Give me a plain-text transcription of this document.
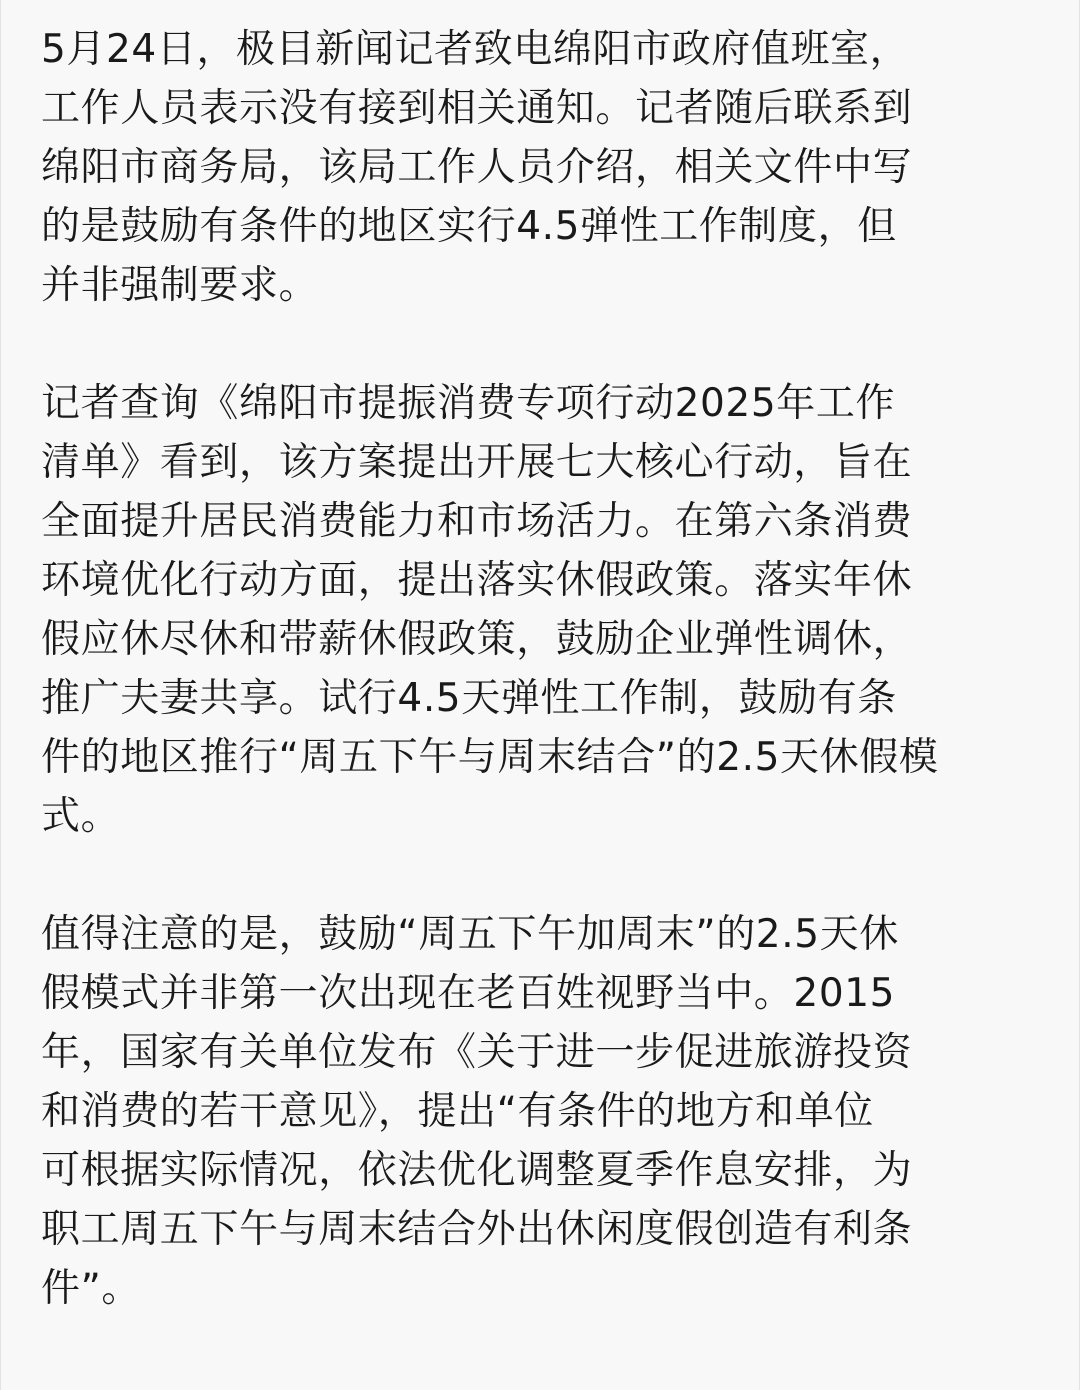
5月24日，极目新闻记者致电绵阳市政府值班室，
工作人员表示没有接到相关通知。记者随后联系到
绵阳市商务局，该局工作人员介绍，相关文件中写
的是鼓励有条件的地区实行4.5弹性工作制度，但
并非强制要求。

记者查询《绵阳市提振消费专项行动2025年工作
清单》看到，该方案提出开展七大核心行动，旨在
全面提升居民消费能力和市场活力。在第六条消费
环境优化行动方面，提出落实休假政策。落实年休
假应休尽休和带薪休假政策，鼓励企业弹性调休，
推广夫妻共享。试行4.5天弹性工作制，鼓励有条
件的地区推行“周五下午与周末结合”的2.5天休假模
式。

值得注意的是，鼓励“周五下午加周末”的2.5天休
假模式并非第一次出现在老百姓视野当中。2015
年，国家有关单位发布《关于进一步促进旅游投资
和消费的若干意见》，提出“有条件的地方和单位
可根据实际情况，依法优化调整夏季作息安排，为
职工周五下午与周末结合外出休闲度假创造有利条
件”。
